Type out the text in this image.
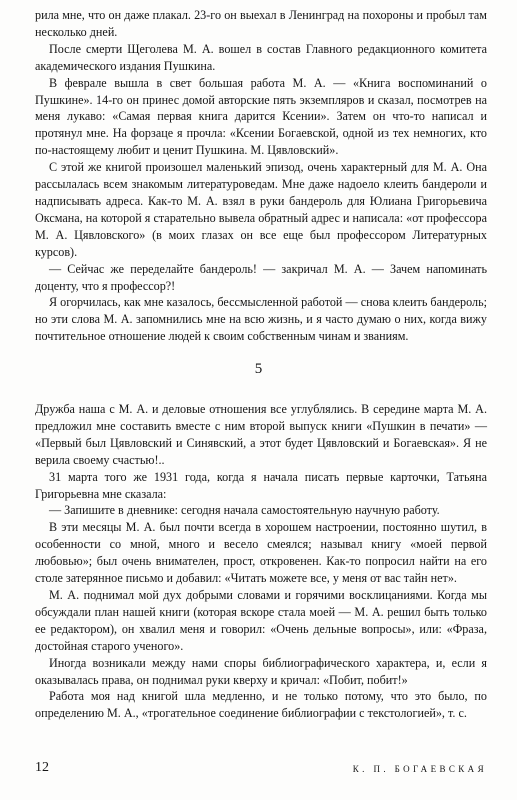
рила мне, что он даже плакал. 23-го он выехал в Ленинград на похороны и пробыл там несколько дней.

После смерти Щеголева М. А. вошел в состав Главного редакционного комитета академического издания Пушкина.

В феврале вышла в свет большая работа М. А. — «Книга воспоминаний о Пушкине». 14-го он принес домой авторские пять экземпляров и сказал, посмотрев на меня лукаво: «Самая первая книга дарится Ксении». Затем он что-то написал и протянул мне. На форзаце я прочла: «Ксении Богаевской, одной из тех немногих, кто по-настоящему любит и ценит Пушкина. М. Цявловский».

С этой же книгой произошел маленький эпизод, очень характерный для М. А. Она рассылалась всем знакомым литературоведам. Мне даже надоело клеить бандероли и надписывать адреса. Как-то М. А. взял в руки бандероль для Юлиана Григорьевича Оксмана, на которой я старательно вывела обратный адрес и написала: «от профессора М. А. Цявловского» (в моих глазах он все еще был профессором Литературных курсов).

— Сейчас же переделайте бандероль! — закричал М. А. — Зачем напоминать доценту, что я профессор?!

Я огорчилась, как мне казалось, бессмысленной работой — снова клеить бандероль; но эти слова М. А. запомнились мне на всю жизнь, и я часто думаю о них, когда вижу почтительное отношение людей к своим собственным чинам и званиям.

5

Дружба наша с М. А. и деловые отношения все углублялись. В середине марта М. А. предложил мне составить вместе с ним второй выпуск книги «Пушкин в печати» — «Первый был Цявловский и Синявский, а этот будет Цявловский и Богаевская». Я не верила своему счастью!..

31 марта того же 1931 года, когда я начала писать первые карточки, Татьяна Григорьевна мне сказала:

— Запишите в дневнике: сегодня начала самостоятельную научную работу.

В эти месяцы М. А. был почти всегда в хорошем настроении, постоянно шутил, в особенности со мной, много и весело смеялся; называл книгу «моей первой любовью»; был очень внимателен, прост, откровенен. Как-то попросил найти на его столе затерянное письмо и добавил: «Читать можете все, у меня от вас тайн нет».

М. А. поднимал мой дух добрыми словами и горячими восклицаниями. Когда мы обсуждали план нашей книги (которая вскоре стала моей — М. А. решил быть только ее редактором), он хвалил меня и говорил: «Очень дельные вопросы», или: «Фраза, достойная старого ученого».

Иногда возникали между нами споры библиографического характера, и, если я оказывалась права, он поднимал руки кверху и кричал: «Побит, побит!»

Работа моя над книгой шла медленно, и не только потому, что это было, по определению М. А., «трогательное соединение библиографии с текстологией», т. с.

12	К. П. БОГАЕВСКАЯ
